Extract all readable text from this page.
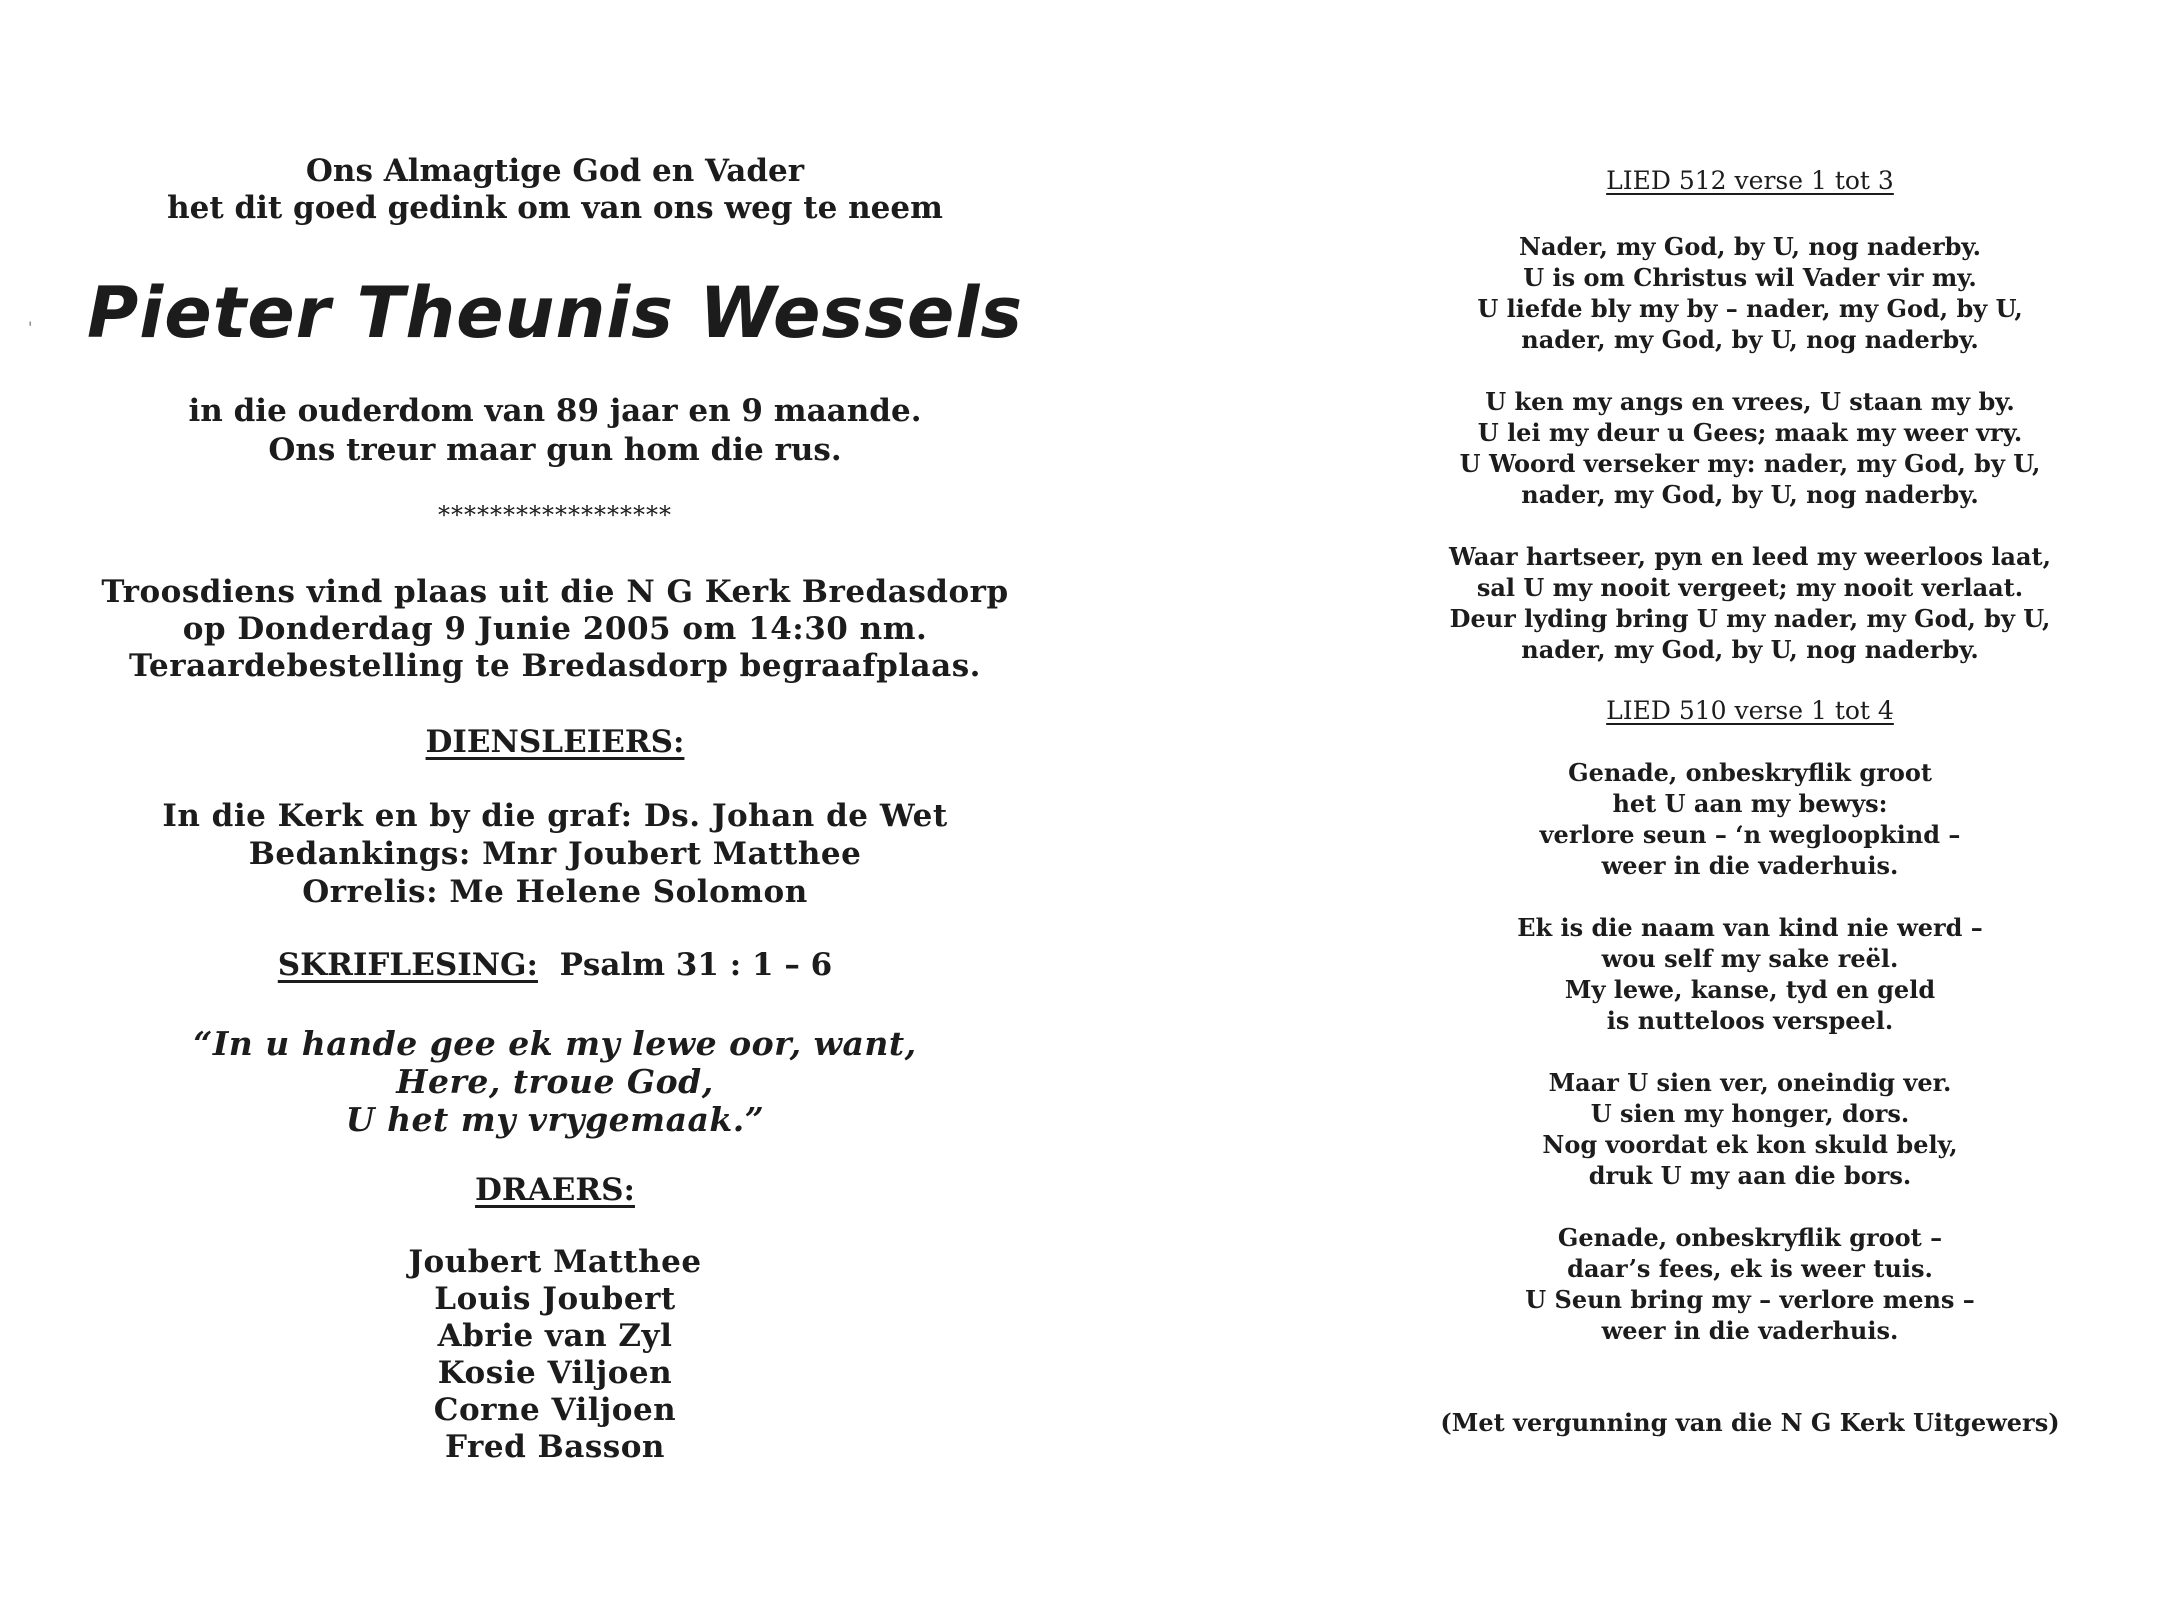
'
Ons Almagtige God en Vader
het dit goed gedink om van ons weg te neem
Pieter Theunis Wessels
in die ouderdom van 89 jaar en 9 maande.
Ons treur maar gun hom die rus.
******************
Troosdiens vind plaas uit die N G Kerk Bredasdorp
op Donderdag 9 Junie 2005 om 14:30 nm.
Teraardebestelling te Bredasdorp begraafplaas.
DIENSLEIERS:
In die Kerk en by die graf: Ds. Johan de Wet
Bedankings: Mnr Joubert Matthee
Orrelis: Me Helene Solomon
SKRIFLESING: Psalm 31 : 1 – 6
“In u hande gee ek my lewe oor, want,
Here, troue God,
U het my vrygemaak.”
DRAERS:
Joubert Matthee
Louis Joubert
Abrie van Zyl
Kosie Viljoen
Corne Viljoen
Fred Basson
LIED 512 verse 1 tot 3
Nader, my God, by U, nog naderby.
U is om Christus wil Vader vir my.
U liefde bly my by – nader, my God, by U,
nader, my God, by U, nog naderby.
U ken my angs en vrees, U staan my by.
U lei my deur u Gees; maak my weer vry.
U Woord verseker my: nader, my God, by U,
nader, my God, by U, nog naderby.
Waar hartseer, pyn en leed my weerloos laat,
sal U my nooit vergeet; my nooit verlaat.
Deur lyding bring U my nader, my God, by U,
nader, my God, by U, nog naderby.
LIED 510 verse 1 tot 4
Genade, onbeskryflik groot
het U aan my bewys:
verlore seun – ‘n wegloopkind –
weer in die vaderhuis.
Ek is die naam van kind nie werd –
wou self my sake reël.
My lewe, kanse, tyd en geld
is nutteloos verspeel.
Maar U sien ver, oneindig ver.
U sien my honger, dors.
Nog voordat ek kon skuld bely,
druk U my aan die bors.
Genade, onbeskryflik groot –
daar’s fees, ek is weer tuis.
U Seun bring my – verlore mens –
weer in die vaderhuis.
(Met vergunning van die N G Kerk Uitgewers)
